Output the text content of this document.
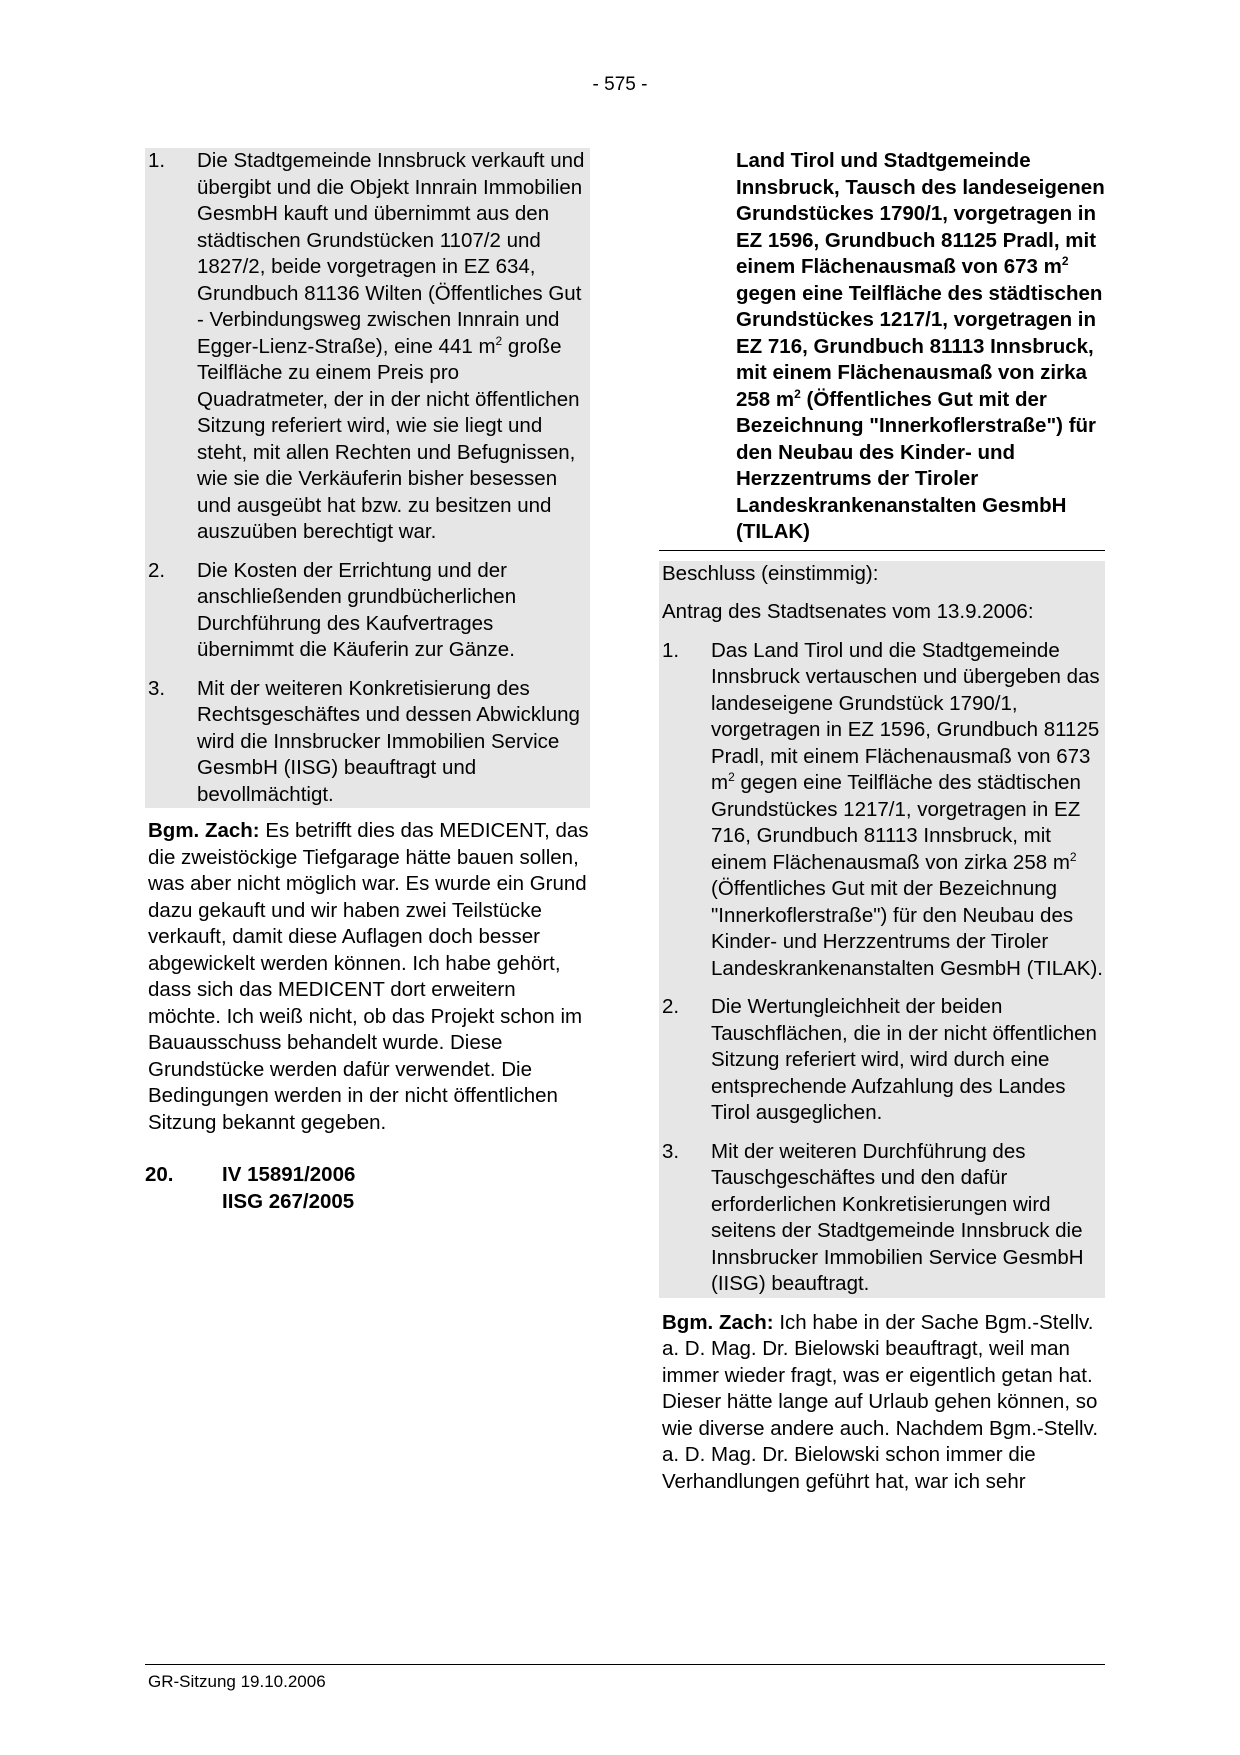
- 575 -
1.	Die Stadtgemeinde Innsbruck verkauft und übergibt und die Objekt Innrain Immobilien GesmbH kauft und übernimmt aus den städtischen Grundstücken 1107/2 und 1827/2, beide vorgetragen in EZ 634, Grundbuch 81136 Wilten (Öffentliches Gut - Verbindungsweg zwischen Innrain und Egger-Lienz-Straße), eine 441 $m^2$ große Teilfläche zu einem Preis pro Quadratmeter, der in der nicht öffentlichen Sitzung referiert wird, wie sie liegt und steht, mit allen Rechten und Befugnissen, wie sie die Verkäuferin bisher besessen und ausgeübt hat bzw. zu besitzen und auszuüben berechtigt war.
2.	Die Kosten der Errichtung und der anschließenden grundbücherlichen Durchführung des Kaufvertrages übernimmt die Käuferin zur Gänze.
3.	Mit der weiteren Konkretisierung des Rechtsgeschäftes und dessen Abwicklung wird die Innsbrucker Immobilien Service GesmbH (IISG) beauftragt und bevollmächtigt.
Bgm. Zach: Es betrifft dies das MEDICENT, das die zweistöckige Tiefgarage hätte bauen sollen, was aber nicht möglich war. Es wurde ein Grund dazu gekauft und wir haben zwei Teilstücke verkauft, damit diese Auflagen doch besser abgewickelt werden können. Ich habe gehört, dass sich das MEDICENT dort erweitern möchte. Ich weiß nicht, ob das Projekt schon im Bauausschuss behandelt wurde. Diese Grundstücke werden dafür verwendet. Die Bedingungen werden in der nicht öffentlichen Sitzung bekannt gegeben.
20.	IV 15891/2006
IISG 267/2005
Land Tirol und Stadtgemeinde Innsbruck, Tausch des landeseigenen Grundstückes 1790/1, vorgetragen in EZ 1596, Grundbuch 81125 Pradl, mit einem Flächenausmaß von 673 $m^2$ gegen eine Teilfläche des städtischen Grundstückes 1217/1, vorgetragen in EZ 716, Grundbuch 81113 Innsbruck, mit einem Flächenausmaß von zirka 258 $m^2$ (Öffentliches Gut mit der Bezeichnung "Innerkoflerstraße") für den Neubau des Kinder- und Herzzentrums der Tiroler Landeskrankenanstalten GesmbH (TILAK)
Beschluss (einstimmig):
Antrag des Stadtsenates vom 13.9.2006:
1.	Das Land Tirol und die Stadtgemeinde Innsbruck vertauschen und übergeben das landeseigene Grundstück 1790/1, vorgetragen in EZ 1596, Grundbuch 81125 Pradl, mit einem Flächenausmaß von 673 $m^2$ gegen eine Teilfläche des städtischen Grundstückes 1217/1, vorgetragen in EZ 716, Grundbuch 81113 Innsbruck, mit einem Flächenausmaß von zirka 258 $m^2$ (Öffentliches Gut mit der Bezeichnung "Innerkoflerstraße") für den Neubau des Kinder- und Herzzentrums der Tiroler Landeskrankenanstalten GesmbH (TILAK).
2.	Die Wertungleichheit der beiden Tauschflächen, die in der nicht öffentlichen Sitzung referiert wird, wird durch eine entsprechende Aufzahlung des Landes Tirol ausgeglichen.
3.	Mit der weiteren Durchführung des Tauschgeschäftes und den dafür erforderlichen Konkretisierungen wird seitens der Stadtgemeinde Innsbruck die Innsbrucker Immobilien Service GesmbH (IISG) beauftragt.
Bgm. Zach: Ich habe in der Sache Bgm.-Stellv. a. D. Mag. Dr. Bielowski beauftragt, weil man immer wieder fragt, was er eigentlich getan hat. Dieser hätte lange auf Urlaub gehen können, so wie diverse andere auch. Nachdem Bgm.-Stellv. a. D. Mag. Dr. Bielowski schon immer die Verhandlungen geführt hat, war ich sehr
GR-Sitzung 19.10.2006
